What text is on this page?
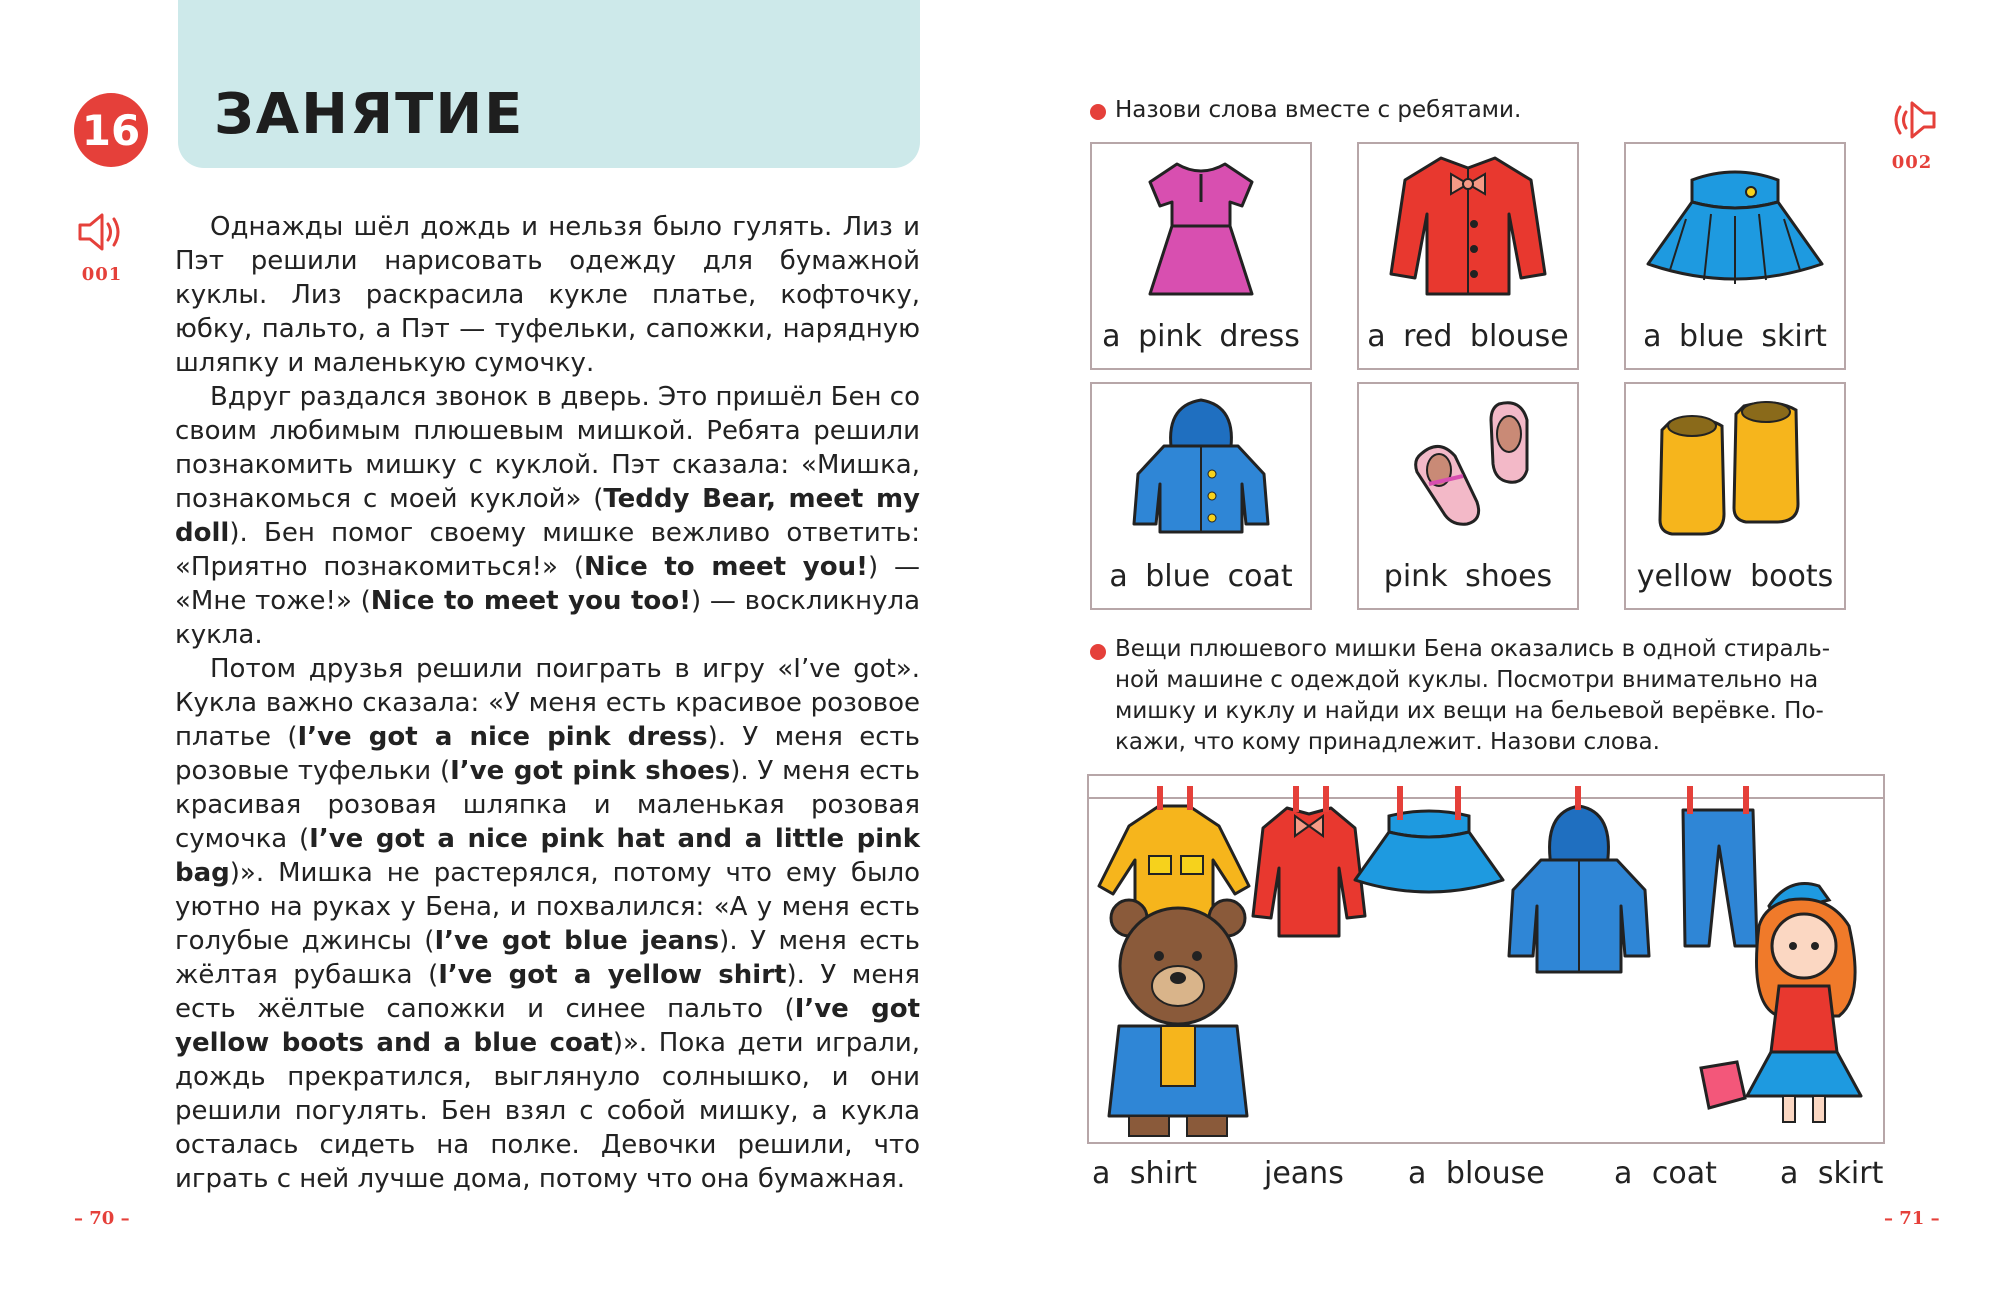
16 ЗАНЯТИЕ
001

Однажды шёл дождь и нельзя было гулять. Лиз и Пэт решили нарисовать одежду для бумажной куклы. Лиз раскрасила кукле платье, кофточку, юбку, пальто, а Пэт — туфельки, сапожки, нарядную шляпку и маленькую сумочку.

Вдруг раздался звонок в дверь. Это пришёл Бен со своим любимым плюшевым мишкой. Ребята решили познакомить мишку с куклой. Пэт сказала: «Мишка, познакомься с моей куклой» (Teddy Bear, meet my doll). Бен помог своему мишке вежливо ответить: «Приятно познакомиться!» (Nice to meet you!) — «Мне тоже!» (Nice to meet you too!) — воскликнула кукла.

Потом друзья решили поиграть в игру «I’ve got». Кукла важно сказала: «У меня есть красивое розовое платье (I’ve got a nice pink dress). У меня есть розовые туфельки (I’ve got pink shoes). У меня есть красивая розовая шляпка и маленькая розовая сумочка (I’ve got a nice pink hat and a little pink bag)». Мишка не растерялся, потому что ему было уютно на руках у Бена, и похвалился: «А у меня есть голубые джинсы (I’ve got blue jeans). У меня есть жёлтая рубашка (I’ve got a yellow shirt). У меня есть жёлтые сапожки и синее пальто (I’ve got yellow boots and a blue coat)». Пока дети играли, дождь прекратился, выглянуло солнышко, и они решили погулять. Бен взял с собой мишку, а кукла осталась сидеть на полке. Девочки решили, что играть с ней лучше дома, потому что она бумажная.

– 70 –	– 71 –
002
Назови слова вместе с ребятами.
a pink dress	a red blouse	a blue skirt
a blue coat	pink shoes	yellow boots
Вещи плюшевого мишки Бена оказались в одной стираль-
ной машине с одеждой куклы. Посмотри внимательно на
мишку и куклу и найди их вещи на бельевой верёвке. По-
кажи, что кому принадлежит. Назови слова.
a shirt jeans a blouse a coat a skirt
